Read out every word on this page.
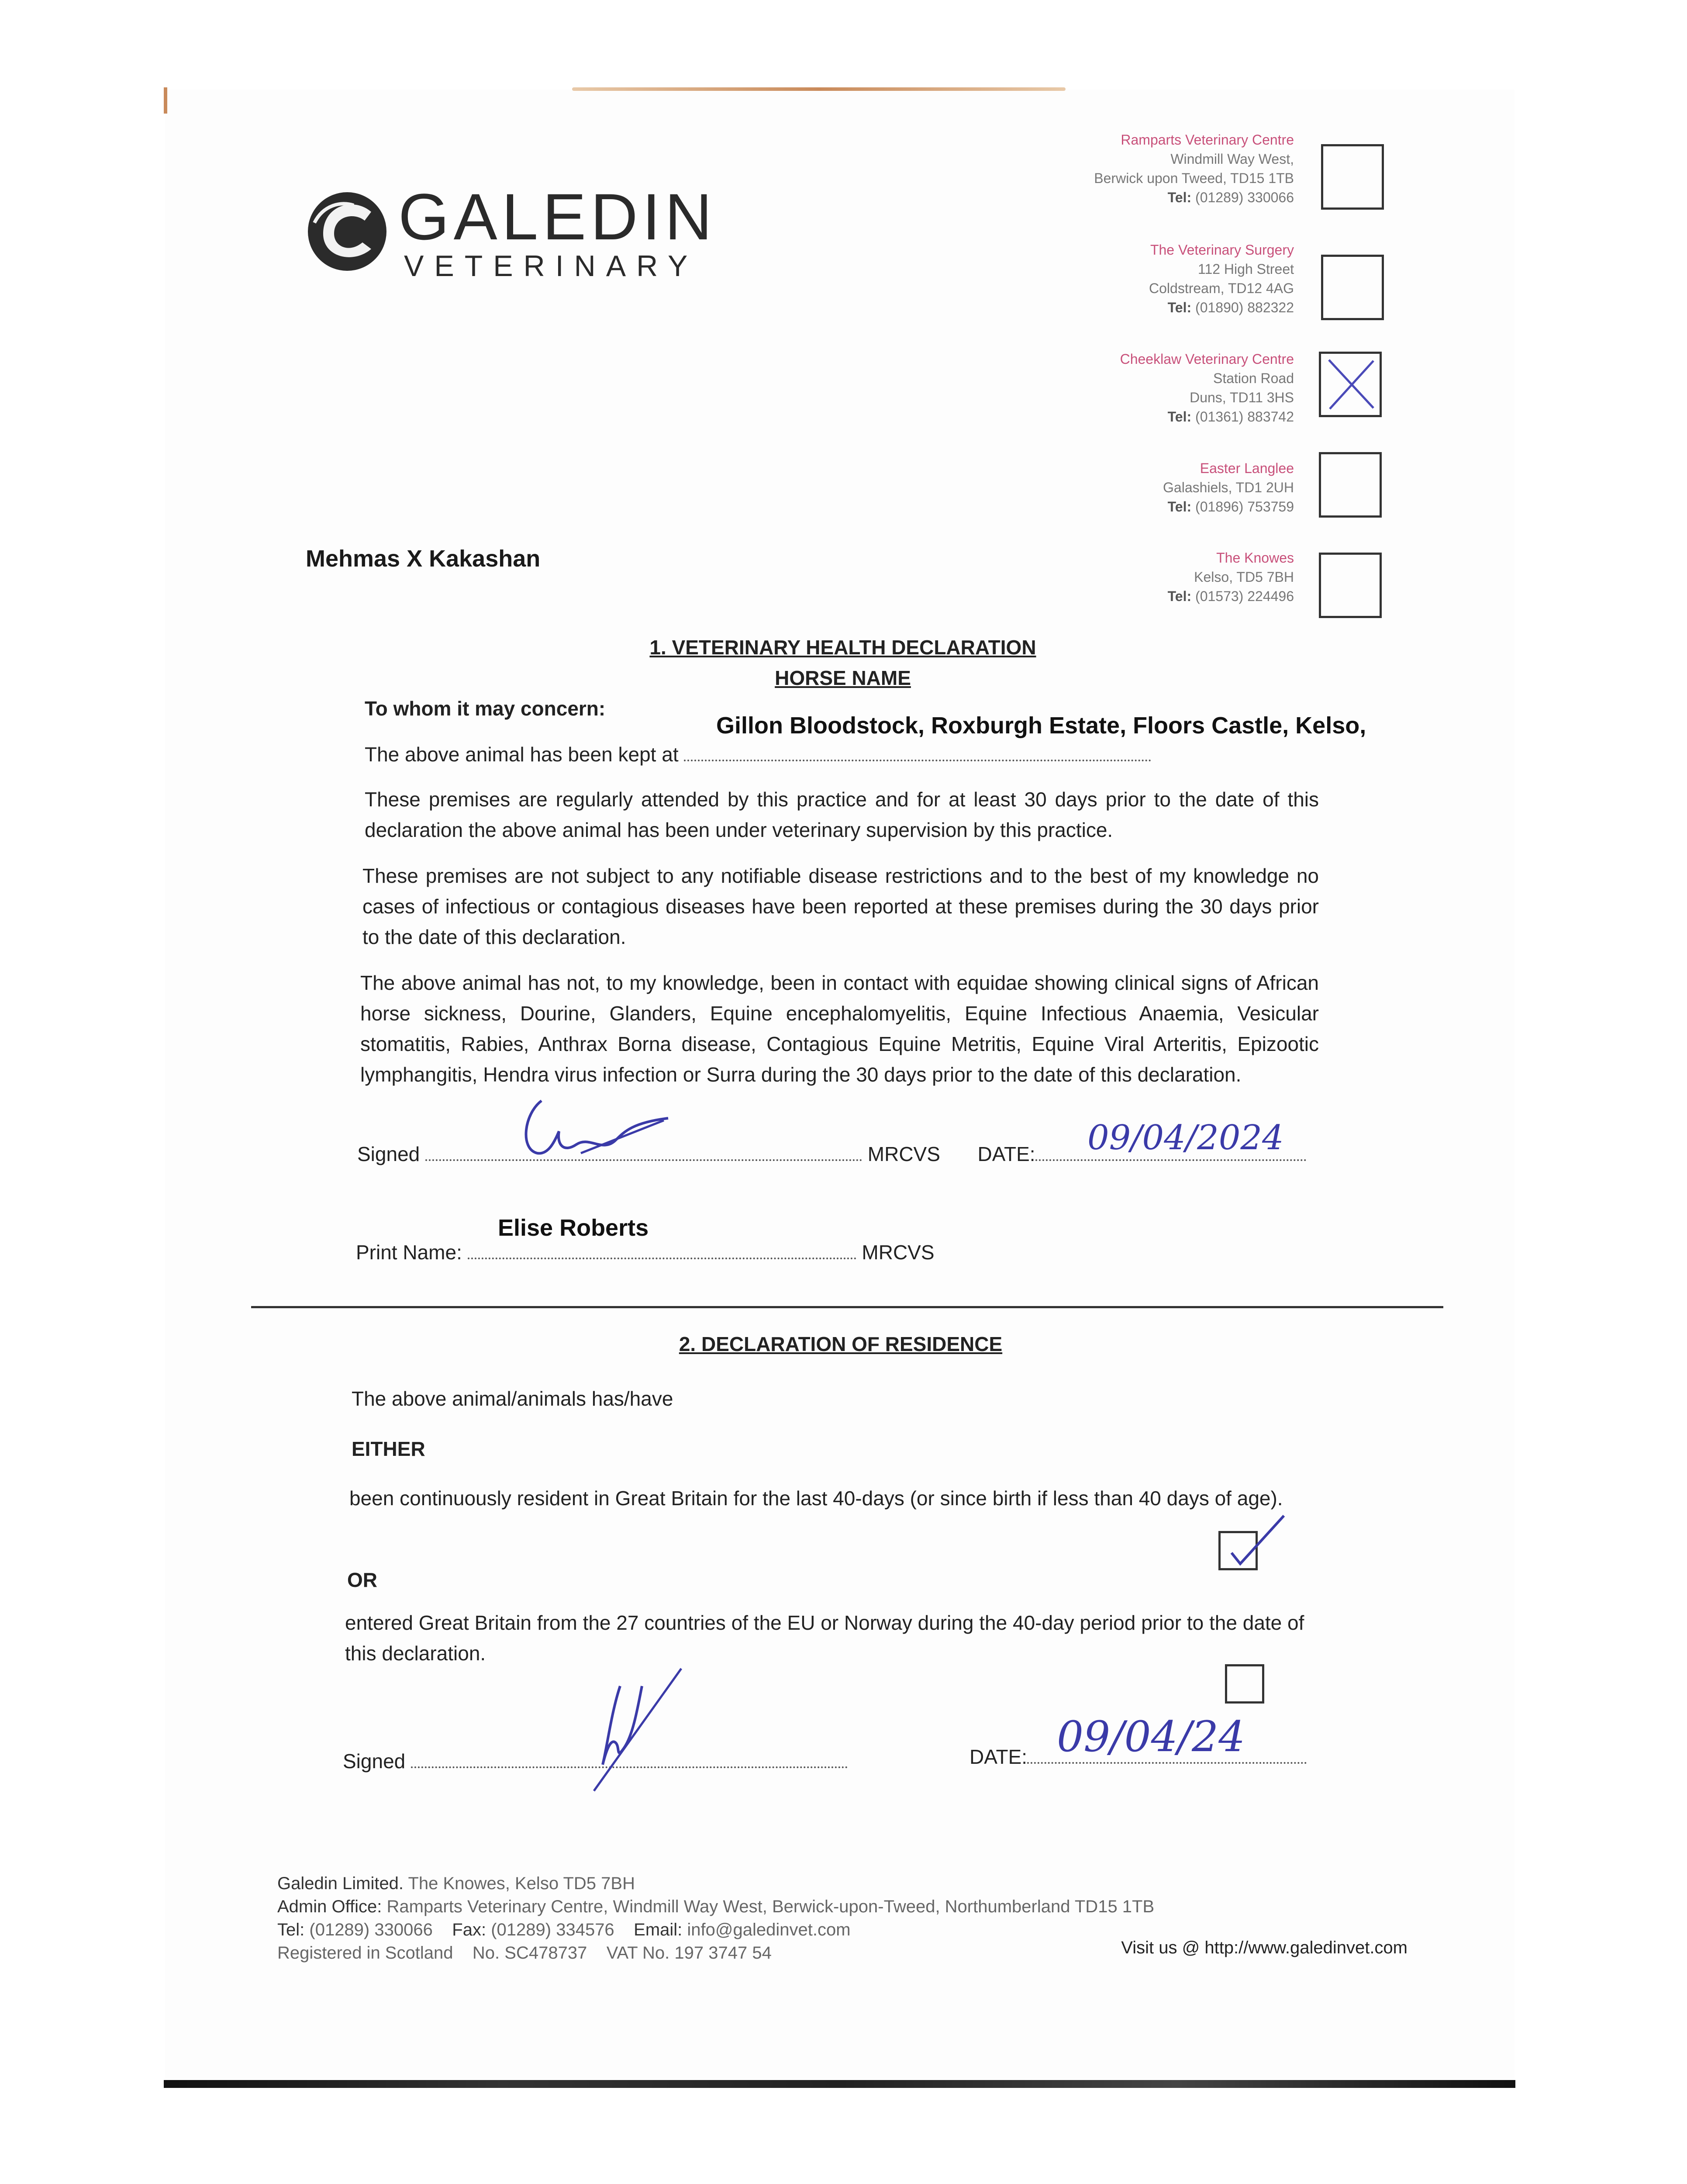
GALEDIN
VETERINARY
Ramparts Veterinary Centre
Windmill Way West,
Berwick upon Tweed, TD15 1TB
Tel: (01289) 330066
The Veterinary Surgery
112 High Street
Coldstream, TD12 4AG
Tel: (01890) 882322
Cheeklaw Veterinary Centre
Station Road
Duns, TD11 3HS
Tel: (01361) 883742
Easter Langlee
Galashiels, TD1 2UH
Tel: (01896) 753759
The Knowes
Kelso, TD5 7BH
Tel: (01573) 224496
Mehmas X Kakashan
1. VETERINARY HEALTH DECLARATION
HORSE NAME
To whom it may concern:
Gillon Bloodstock, Roxburgh Estate, Floors Castle, Kelso,
The above animal has been kept at
These premises are regularly attended by this practice and for at least 30 days prior to the date of this declaration the above animal has been under veterinary supervision by this practice.
These premises are not subject to any notifiable disease restrictions and to the best of my knowledge no cases of infectious or contagious diseases have been reported at these premises during the 30 days prior to the date of this declaration.
The above animal has not, to my knowledge, been in contact with equidae showing clinical signs of African horse sickness, Dourine, Glanders, Equine encephalomyelitis, Equine Infectious Anaemia, Vesicular stomatitis, Rabies, Anthrax Borna disease, Contagious Equine Metritis, Equine Viral Arteritis, Epizootic lymphangitis, Hendra virus infection or Surra during the 30 days prior to the date of this declaration.
Signed	MRCVS DATE:	09/04/2024
Elise Roberts
Print Name:	MRCVS
2. DECLARATION OF RESIDENCE
The above animal/animals has/have
EITHER
been continuously resident in Great Britain for the last 40-days (or since birth if less than 40 days of age).
OR
entered Great Britain from the 27 countries of the EU or Norway during the 40-day period prior to the date of this declaration.
Signed	DATE: 09/04/24
Galedin Limited. The Knowes, Kelso TD5 7BH
Admin Office: Ramparts Veterinary Centre, Windmill Way West, Berwick-upon-Tweed, Northumberland TD15 1TB
Tel: (01289) 330066 Fax: (01289) 334576 Email: info@galedinvet.com
Registered in Scotland No. SC478737 VAT No. 197 3747 54	Visit us @ http://www.galedinvet.com
